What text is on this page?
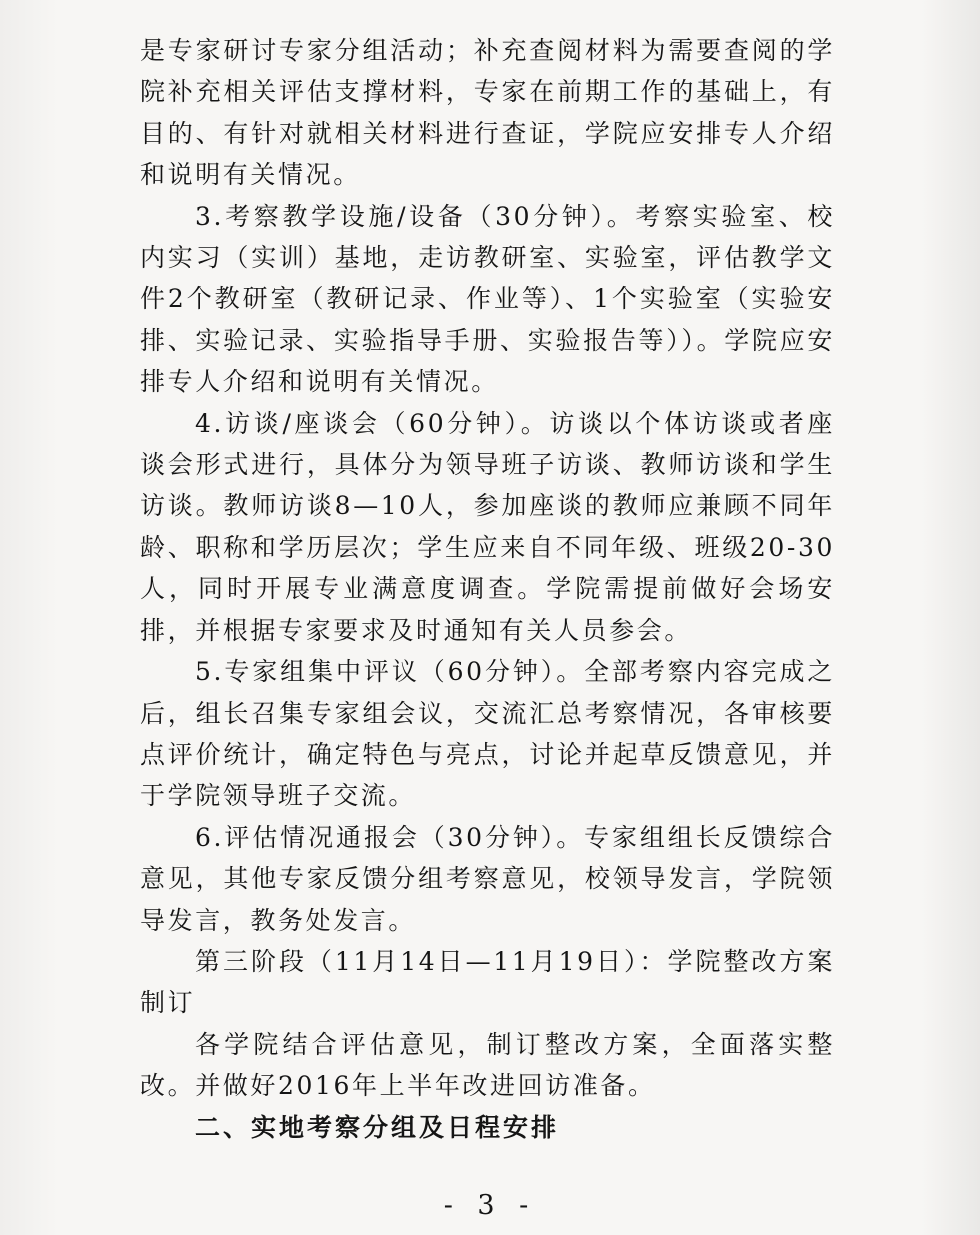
是专家研讨专家分组活动；补充查阅材料为需要查阅的学院补充相关评估支撑材料，专家在前期工作的基础上，有目的、有针对就相关材料进行查证，学院应安排专人介绍和说明有关情况。

3.考察教学设施/设备（30分钟）。考察实验室、校内实习（实训）基地，走访教研室、实验室，评估教学文件2个教研室（教研记录、作业等）、1个实验室（实验安排、实验记录、实验指导手册、实验报告等））。学院应安排专人介绍和说明有关情况。

4.访谈/座谈会（60分钟）。访谈以个体访谈或者座谈会形式进行，具体分为领导班子访谈、教师访谈和学生访谈。教师访谈8—10人，参加座谈的教师应兼顾不同年龄、职称和学历层次；学生应来自不同年级、班级20-30人，同时开展专业满意度调查。学院需提前做好会场安排，并根据专家要求及时通知有关人员参会。

5.专家组集中评议（60分钟）。全部考察内容完成之后，组长召集专家组会议，交流汇总考察情况，各审核要点评价统计，确定特色与亮点，讨论并起草反馈意见，并于学院领导班子交流。

6.评估情况通报会（30分钟）。专家组组长反馈综合意见，其他专家反馈分组考察意见，校领导发言，学院领导发言，教务处发言。

第三阶段（11月14日—11月19日）：学院整改方案制订

各学院结合评估意见，制订整改方案，全面落实整改。并做好2016年上半年改进回访准备。

二、实地考察分组及日程安排

- 3 -
